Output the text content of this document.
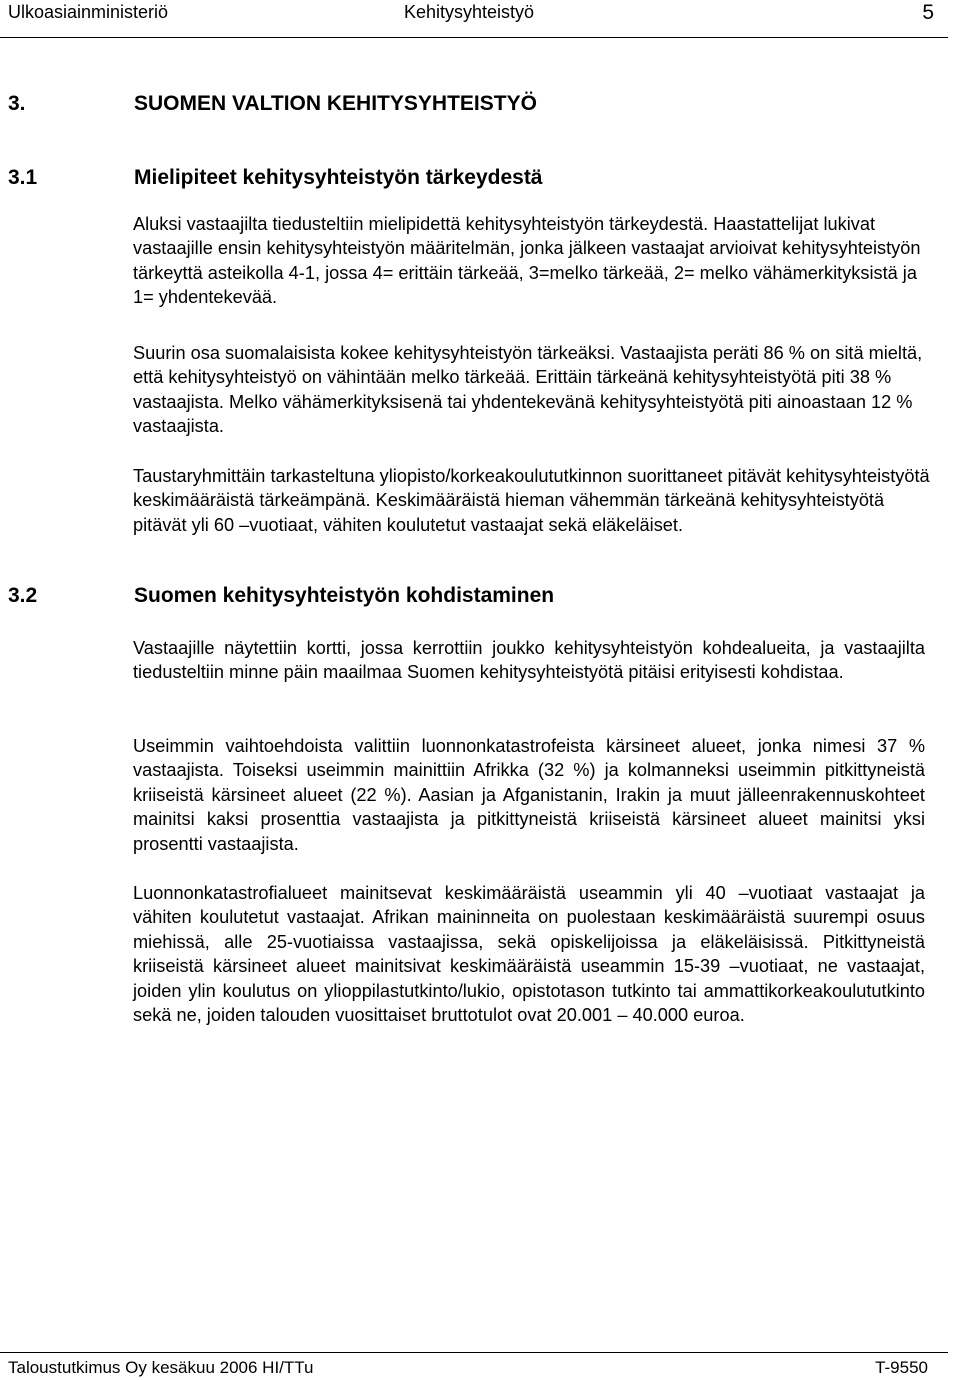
Ulkoasiainministeriö	Kehitysyhteistyö	5
3.	SUOMEN VALTION KEHITYSYHTEISTYÖ
3.1	Mielipiteet kehitysyhteistyön tärkeydestä

Aluksi vastaajilta tiedusteltiin mielipidettä kehitysyhteistyön tärkeydestä. Haastattelijat lukivat vastaajille ensin kehitysyhteistyön määritelmän, jonka jälkeen vastaajat arvioivat kehitysyhteistyön tärkeyttä asteikolla 4-1, jossa 4= erittäin tärkeää, 3=melko tärkeää, 2= melko vähämerkityksistä ja 1= yhdentekevää.

Suurin osa suomalaisista kokee kehitysyhteistyön tärkeäksi. Vastaajista peräti 86 % on sitä mieltä, että kehitysyhteistyö on vähintään melko tärkeää. Erittäin tärkeänä kehitysyhteistyötä piti 38 % vastaajista. Melko vähämerkityksisenä tai yhdentekevänä kehitysyhteistyötä piti ainoastaan 12 % vastaajista.

Taustaryhmittäin tarkasteltuna yliopisto/korkeakoulututkinnon suorittaneet pitävät kehitysyhteistyötä keskimääräistä tärkeämpänä. Keskimääräistä hieman vähemmän tärkeänä kehitysyhteistyötä pitävät yli 60 –vuotiaat, vähiten koulutetut vastaajat sekä eläkeläiset.

3.2	Suomen kehitysyhteistyön kohdistaminen

Vastaajille näytettiin kortti, jossa kerrottiin joukko kehitysyhteistyön kohdealueita, ja vastaajilta tiedusteltiin minne päin maailmaa Suomen kehitysyhteistyötä pitäisi erityisesti kohdistaa.

Useimmin vaihtoehdoista valittiin luonnonkatastrofeista kärsineet alueet, jonka nimesi 37 % vastaajista. Toiseksi useimmin mainittiin Afrikka (32 %) ja kolmanneksi useimmin pitkittyneistä kriiseistä kärsineet alueet (22 %). Aasian ja Afganistanin, Irakin ja muut jälleenrakennuskohteet mainitsi kaksi prosenttia vastaajista ja pitkittyneistä kriiseistä kärsineet alueet mainitsi yksi prosentti vastaajista.

Luonnonkatastrofialueet mainitsevat keskimääräistä useammin yli 40 –vuotiaat vastaajat ja vähiten koulutetut vastaajat. Afrikan maininneita on puolestaan keskimääräistä suurempi osuus miehissä, alle 25-vuotiaissa vastaajissa, sekä opiskelijoissa ja eläkeläisissä. Pitkittyneistä kriiseistä kärsineet alueet mainitsivat keskimääräistä useammin 15-39 –vuotiaat, ne vastaajat, joiden ylin koulutus on ylioppilastutkinto/lukio, opistotason tutkinto tai ammattikorkeakoulututkinto sekä ne, joiden talouden vuosittaiset bruttotulot ovat 20.001 – 40.000 euroa.

Taloustutkimus Oy kesäkuu 2006 HI/TTu	T-9550
